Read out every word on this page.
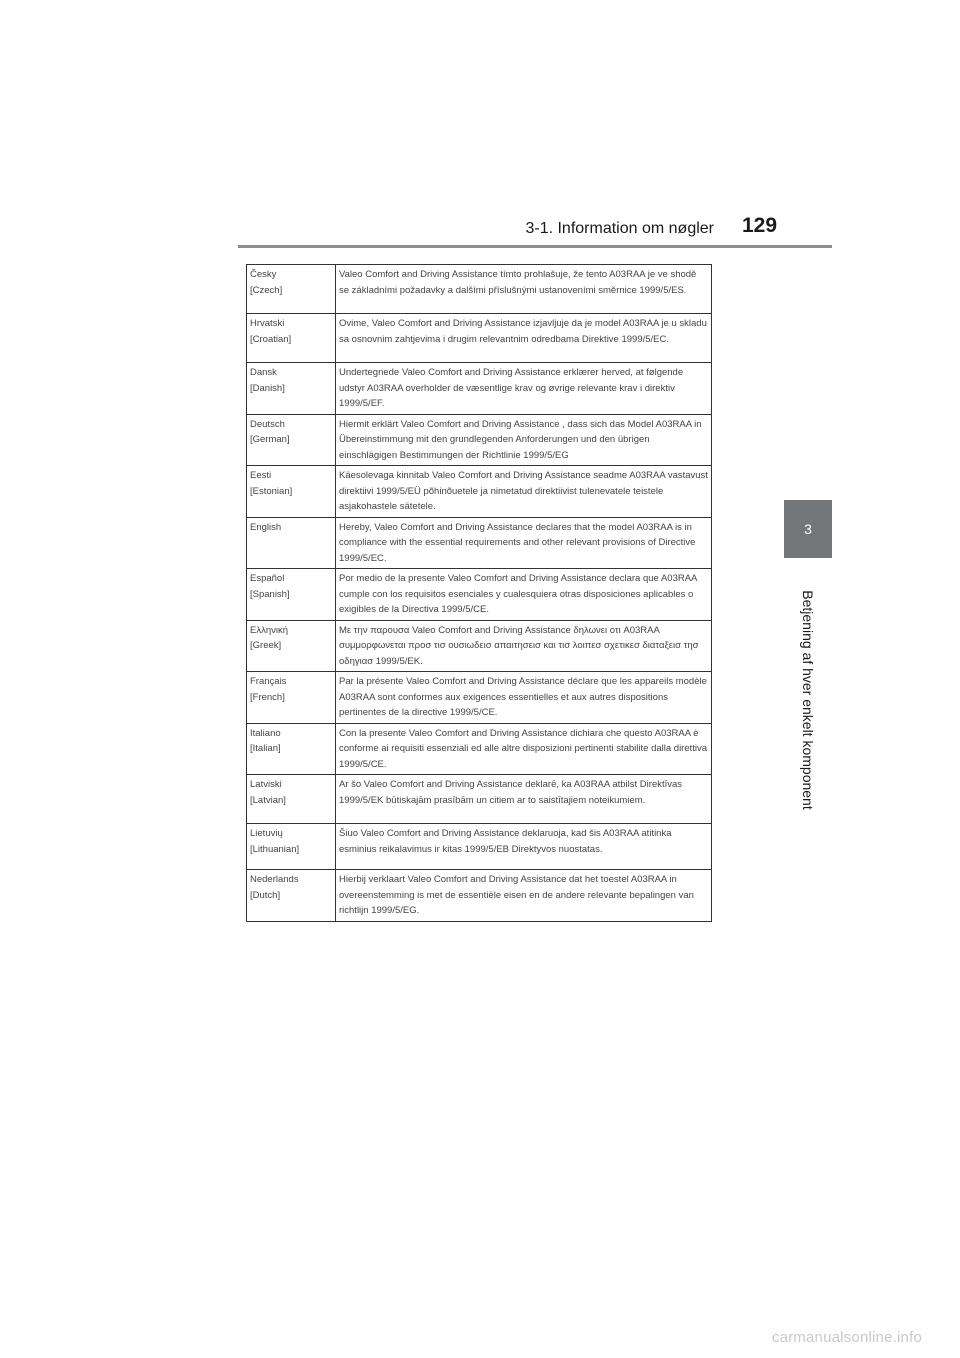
3-1. Information om nøgler 129
3
Betjening af hver enkelt komponent
Česky
[Czech]	Valeo Comfort and Driving Assistance tímto prohlašuje, že tento A03RAA je ve shodě se základními požadavky a dalšími příslušnými ustanoveními směrnice 1999/5/ES.
Hrvatski
[Croatian]	Ovime, Valeo Comfort and Driving Assistance izjavljuje da je model A03RAA je u skladu sa osnovnim zahtjevima i drugim relevantnim odredbama Direktive 1999/5/EC.
Dansk
[Danish]	Undertegnede Valeo Comfort and Driving Assistance erklærer herved, at følgende udstyr A03RAA overholder de væsentlige krav og øvrige relevante krav i direktiv 1999/5/EF.
Deutsch
[German]	Hiermit erklärt Valeo Comfort and Driving Assistance , dass sich das Model A03RAA in Übereinstimmung mit den grundlegenden Anforderungen und den übrigen einschlägigen Bestimmungen der Richtlinie 1999/5/EG
Eesti
[Estonian]	Käesolevaga kinnitab Valeo Comfort and Driving Assistance seadme A03RAA vastavust direktiivi 1999/5/EÜ põhinõuetele ja nimetatud direktiivist tulenevatele teistele asjakohastele sätetele.
English	Hereby, Valeo Comfort and Driving Assistance declares that the model A03RAA is in compliance with the essential requirements and other relevant provisions of Directive 1999/5/EC.
Español
[Spanish]	Por medio de la presente Valeo Comfort and Driving Assistance declara que A03RAA cumple con los requisitos esenciales y cualesquiera otras disposiciones aplicables o exigibles de la Directiva 1999/5/CE.
Ελληνική
[Greek]	Με την παρουσα Valeo Comfort and Driving Assistance δηλωνει οτι A03RAA συμμορφωνεται προσ τισ ουσιωδεισ απαιτησεισ και τισ λοιπεσ σχετικεσ διαταξεισ τησ οδηγιασ 1999/5/ΕΚ.
Français
[French]	Par la présente Valeo Comfort and Driving Assistance déclare que les appareils modèle A03RAA sont conformes aux exigences essentielles et aux autres dispositions pertinentes de la directive 1999/5/CE.
Italiano
[Italian]	Con la presente Valeo Comfort and Driving Assistance dichiara che questo A03RAA è conforme ai requisiti essenziali ed alle altre disposizioni pertinenti stabilite dalla direttiva 1999/5/CE.
Latviski
[Latvian]	Ar šo Valeo Comfort and Driving Assistance deklarē, ka A03RAA atbilst Direktīvas 1999/5/EK būtiskajām prasībām un citiem ar to saistītajiem noteikumiem.
Lietuvių
[Lithuanian]	Šiuo Valeo Comfort and Driving Assistance deklaruoja, kad šis A03RAA atitinka esminius reikalavimus ir kitas 1999/5/EB Direktyvos nuostatas.
Nederlands
[Dutch]	Hierbij verklaart Valeo Comfort and Driving Assistance dat het toestel A03RAA in overeenstemming is met de essentiële eisen en de andere relevante bepalingen van richtlijn 1999/5/EG.
carmanualsonline.info
